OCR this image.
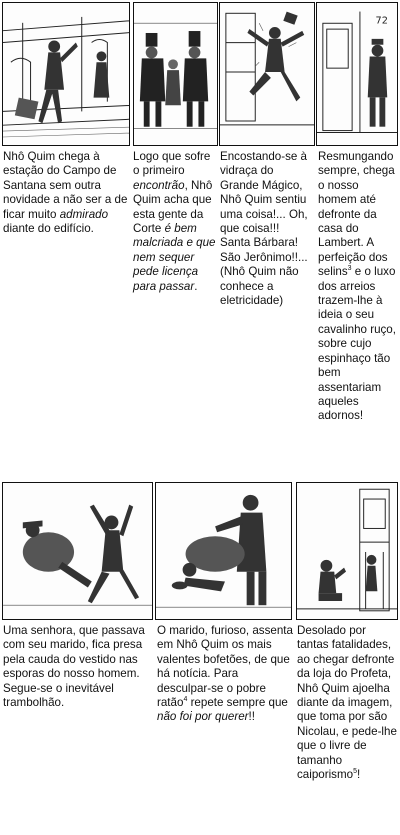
72

Nhô Quim chega à estação do Campo de Santana sem outra novidade a não ser a de ficar muito admirado diante do edifício.

Logo que sofre o primeiro encontrão, Nhô Quim acha que esta gente da Corte é bem malcriada e que nem sequer pede licença para passar.

Encostando-se à vidraça do Grande Mágico, Nhô Quim sentiu uma coisa!... Oh, que coisa!!! Santa Bárbara! São Jerônimo!!... (Nhô Quim não conhece a eletricidade)

Resmungando sempre, chega o nosso homem até defronte da casa do Lambert. A perfeição dos selins$^3$ e o luxo dos arreios trazem-lhe à ideia o seu cavalinho ruço, sobre cujo espinhaço tão bem assentariam aqueles adornos!

Uma senhora, que passava com seu marido, fica presa pela cauda do vestido nas esporas do nosso homem. Segue-se o inevitável trambolhão.

O marido, furioso, assenta em Nhô Quim os mais valentes bofetões, de que há notícia. Para desculpar-se o pobre ratão$^4$ repete sempre que não foi por querer!!

Desolado por tantas fatalidades, ao chegar defronte da loja do Profeta, Nhô Quim ajoelha diante da imagem, que toma por são Nicolau, e pede-lhe que o livre de tamanho caiporismo$^5$!
